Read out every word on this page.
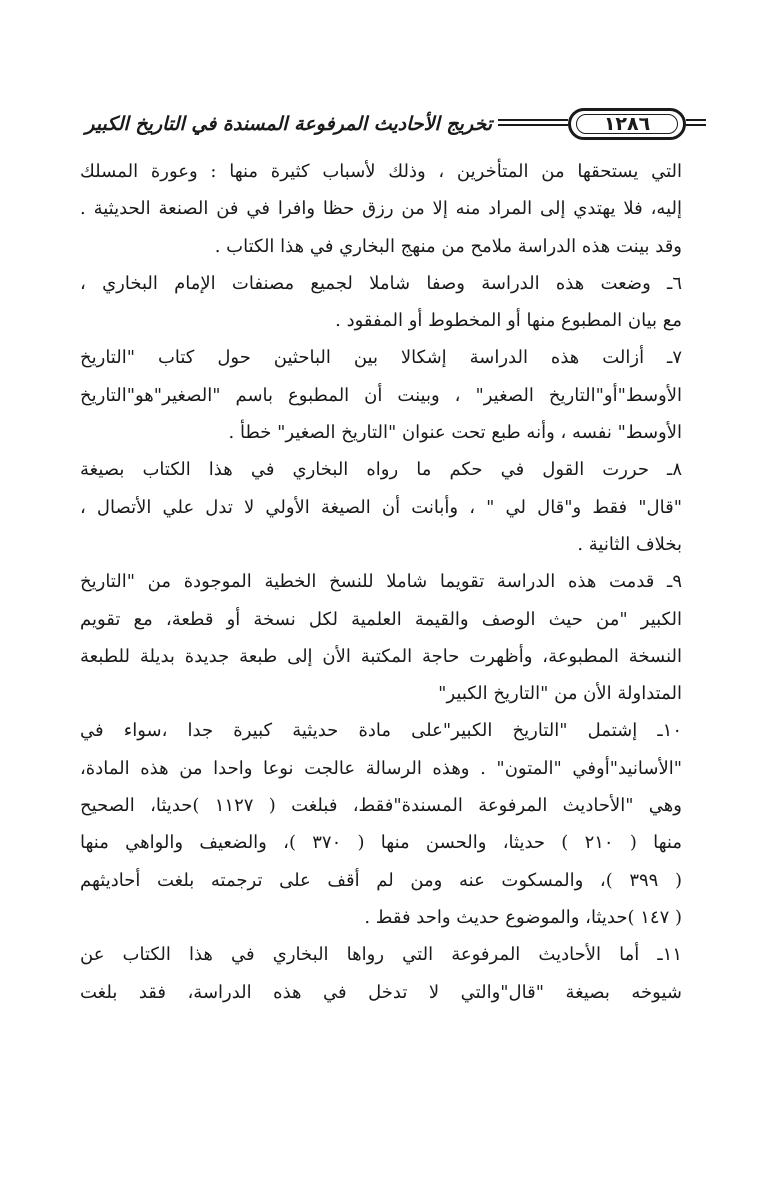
١٢٨٦
تخريج الأحاديث المرفوعة المسندة في التاريخ الكبير
التي يستحقها من المتأخرين ، وذلك لأسباب كثيرة منها : وعورة المسلك
إليه، فلا يهتدي إلى المراد منه إلا من رزق حظا وافرا في فن الصنعة الحديثية .
وقد بينت هذه الدراسة ملامح من منهج البخاري في هذا الكتاب .
٦ـ وضعت هذه الدراسة وصفا شاملا لجميع مصنفات الإمام البخاري ،
مع بيان المطبوع منها أو المخطوط أو المفقود .
٧ـ أزالت هذه الدراسة إشكالا بين الباحثين حول كتاب "التاريخ
الأوسط"أو"التاريخ الصغير" ، وبينت أن المطبوع باسم "الصغير"هو"التاريخ
الأوسط" نفسه ، وأنه طبع تحت عنوان "التاريخ الصغير" خطأ .
٨ـ حررت القول في حكم ما رواه البخاري في هذا الكتاب بصيغة
"قال" فقط و"قال لي " ، وأبانت أن الصيغة الأولي لا تدل علي الأتصال ،
بخلاف الثانية .
٩ـ قدمت هذه الدراسة تقويما شاملا للنسخ الخطية الموجودة من "التاريخ
الكبير "من حيث الوصف والقيمة العلمية لكل نسخة أو قطعة، مع تقويم
النسخة المطبوعة، وأظهرت حاجة المكتبة الأن إلى طبعة جديدة بديلة للطبعة
المتداولة الأن من "التاريخ الكبير"
١٠ـ إشتمل "التاريخ الكبير"على مادة حديثية كبيرة جدا ،سواء في
"الأسانيد"أوفي "المتون" . وهذه الرسالة عالجت نوعا واحدا من هذه المادة،
وهي "الأحاديث المرفوعة المسندة"فقط، فبلغت ( ١١٢٧ )حديثا، الصحيح
منها ( ٢١٠ ) حديثا، والحسن منها ( ٣٧٠ )، والضعيف والواهي منها
( ٣٩٩ )، والمسكوت عنه ومن لم أقف على ترجمته بلغت أحاديثهم
( ١٤٧ )حديثا، والموضوع حديث واحد فقط .
١١ـ أما الأحاديث المرفوعة التي رواها البخاري في هذا الكتاب عن
شيوخه بصيغة "قال"والتي لا تدخل في هذه الدراسة، فقد بلغت
